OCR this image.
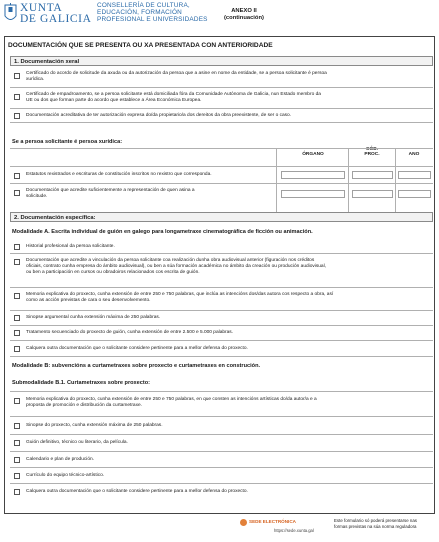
XUNTA
DE GALICIA
CONSELLERÍA DE CULTURA,
EDUCACIÓN, FORMACIÓN
PROFESIONAL E UNIVERSIDADES
ANEXO II
(continuación)
DOCUMENTACIÓN QUE SE PRESENTA OU XA PRESENTADA CON ANTERIORIDADE
1. Documentación xeral
Certificado do acordo de solicitude da axuda ou da autorización da persoa que a asine en nome da entidade, se a persoa solicitante é persoa
xurídica.
Certificado de empadroamento, se a persoa solicitante está domiciliada fóra da Comunidade Autónoma de Galicia, nun Estado membro da
UE ou dos que forman parte do acordo que establece a Área Económica Europea.
Documentación acreditativa de ter autorización expresa do/da propietario/a dos dereitos da obra preexistente, de ser o caso.
Se a persoa solicitante é persoa xurídica:
ÓRGANO
CÓD.
PROC.	ANO
Estatutos rexistrados e escrituras de constitución inscritos no rexistro que corresponda.
Documentación que acredite suficientemente a representación de quen asina a
solicitude.
2. Documentación específica:
Modalidade A. Escrita individual de guión en galego para longametraxe cinematográfica de ficción ou animación.
Historial profesional da persoa solicitante.
Documentación que acredite a vinculación da persoa solicitante coa realización dunha obra audiovisual anterior (figuración nos créditos
oficiais, contrato cunha empresa do ámbito audiovisual), ou ben a súa formación académica no ámbito da creación ou produción audiovisual,
ou ben a participación en cursos ou obradoiros relacionados cos escrita de guión.
Memoria explicativa do proxecto, cunha extensión de entre 250 e 750 palabras, que inclúa as intencións dos/das autora cos respecto a obra, así
como as acción previstas de cara o seu desenvolvemento.
Sinopse argumental cunha extensión máxima de 250 palabras.
Tratamento secuenciado do proxecto de guión, cunha extensión de entre 2.500 e 5.000 palabras.
Calquera outra documentación que o solicitante considere pertinente para a mellor defensa do proxecto.
Modalidade B: subvencións a curtametraxes sobre proxecto e curtametraxes en construción.
Submodalidade B.1. Curtametraxes sobre proxecto:
Memoria explicativa do proxecto, cunha extensión de entre 250 e 750 palabras, en que consten as intencións artísticas do/da autor/a e a
proposta de promoción e distribución da curtametraxe.
Sinopse do proxecto, cunha extensión máxima de 250 palabras.
Guión definitivo, técnico ou literario, da película.
Calendario e plan de produción.
Currículo do equipo técnico-artístico.
Calquera outra documentación que o solicitante considere pertinente para a mellor defensa do proxecto.
SEDE ELECTRÓNICA
https://sede.xunta.gal
Este formulario só poderá presentarse nas
formas previstas na súa norma reguladora
